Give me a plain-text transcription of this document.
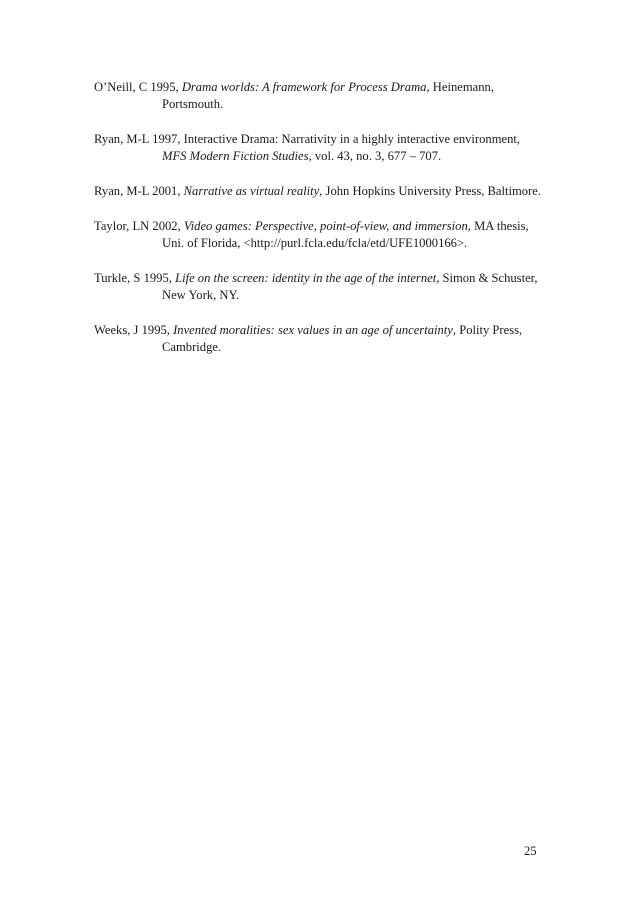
O’Neill, C 1995, Drama worlds: A framework for Process Drama, Heinemann, Portsmouth.

Ryan, M-L 1997, Interactive Drama: Narrativity in a highly interactive environment, MFS Modern Fiction Studies, vol. 43, no. 3, 677 – 707.

Ryan, M-L 2001, Narrative as virtual reality, John Hopkins University Press, Baltimore.

Taylor, LN 2002, Video games: Perspective, point-of-view, and immersion, MA thesis, Uni. of Florida, <http://purl.fcla.edu/fcla/etd/UFE1000166>.

Turkle, S 1995, Life on the screen: identity in the age of the internet, Simon & Schuster, New York, NY.

Weeks, J 1995, Invented moralities: sex values in an age of uncertainty, Polity Press, Cambridge.

25
